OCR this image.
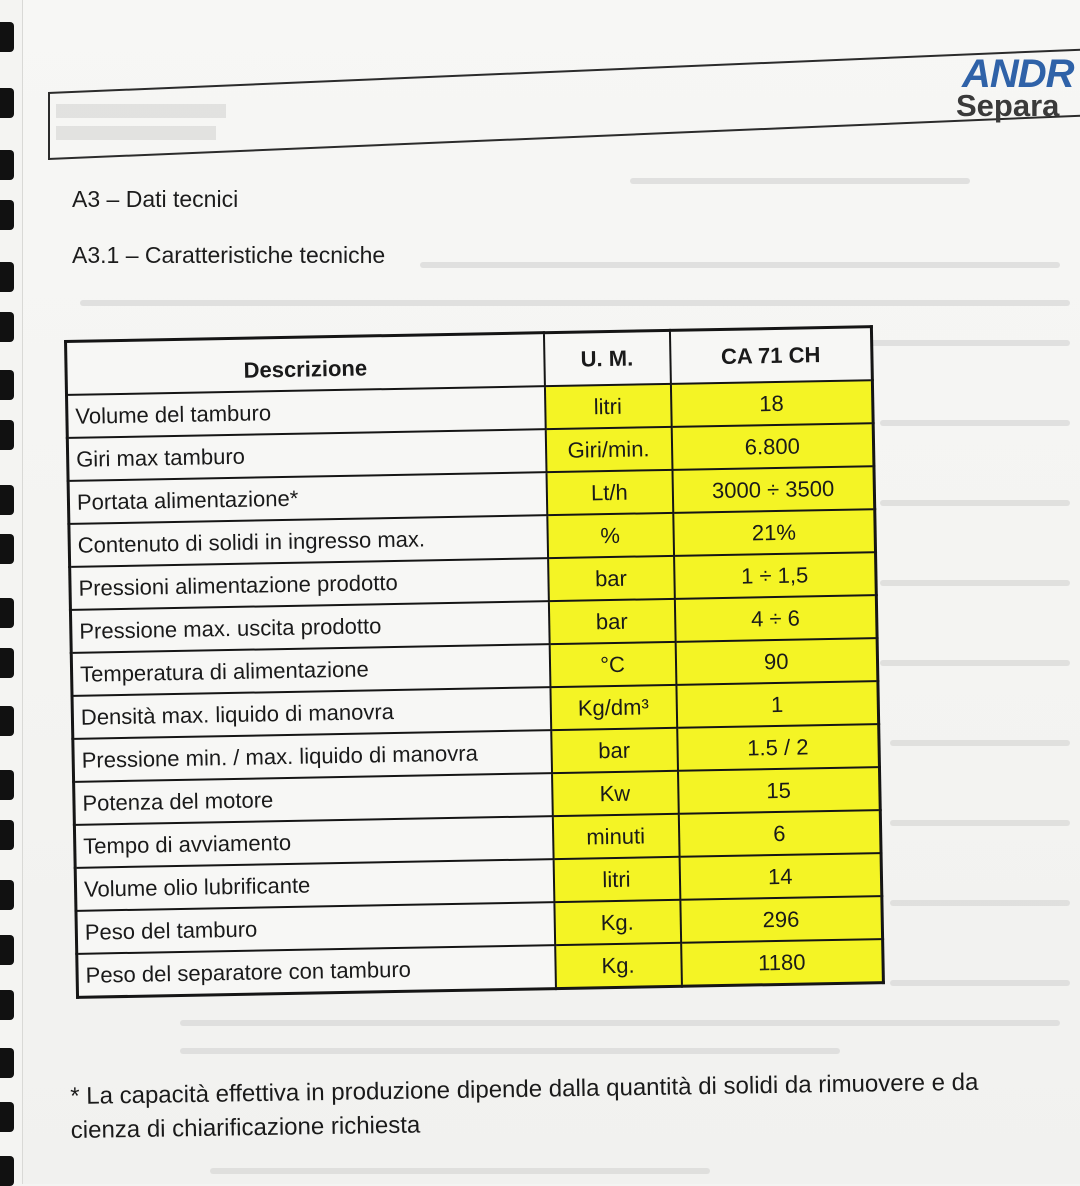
ANDR
Separa
A3 – Dati tecnici
A3.1 – Caratteristiche tecniche
Descrizione	U. M.	CA 71 CH
Volume del tamburo	litri	18
Giri max tamburo	Giri/min.	6.800
Portata alimentazione*	Lt/h	3000 ÷ 3500
Contenuto di solidi in ingresso max.	%	21%
Pressioni alimentazione prodotto	bar	1 ÷ 1,5
Pressione max. uscita prodotto	bar	4 ÷ 6
Temperatura di alimentazione	°C	90
Densità max. liquido di manovra	Kg/dm³	1
Pressione min. / max. liquido di manovra	bar	1.5 / 2
Potenza del motore	Kw	15
Tempo di avviamento	minuti	6
Volume olio lubrificante	litri	14
Peso del tamburo	Kg.	296
Peso del separatore con tamburo	Kg.	1180
* La capacità effettiva in produzione dipende dalla quantità di solidi da rimuovere e da
cienza di chiarificazione richiesta
